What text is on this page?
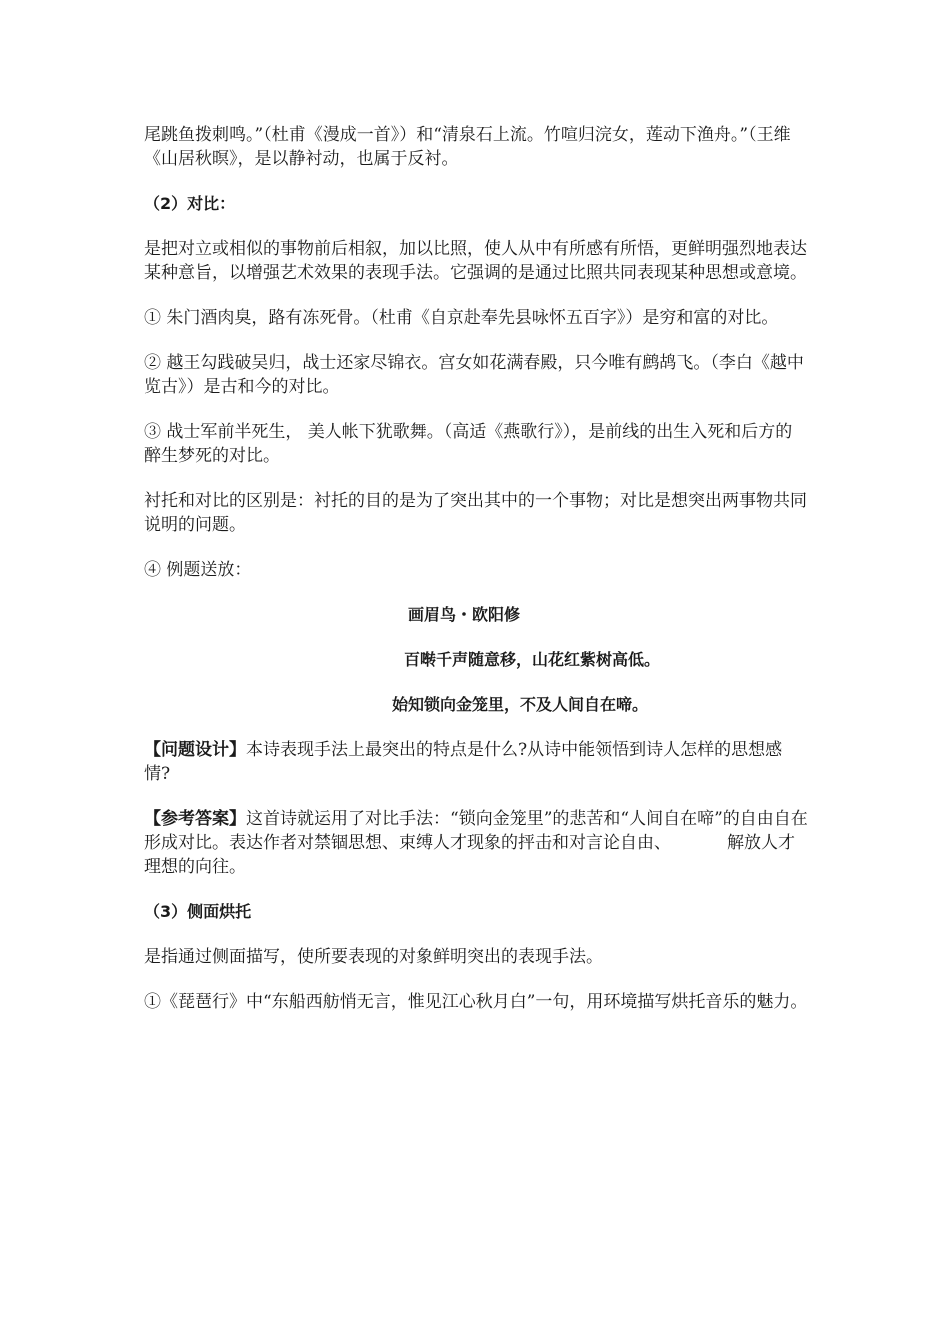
尾跳鱼拨刺鸣。”（杜甫《漫成一首》）和“清泉石上流。竹喧归浣女，莲动下渔舟。”（王维《山居秋暝》，是以静衬动，也属于反衬。

（2）对比：

是把对立或相似的事物前后相叙，加以比照，使人从中有所感有所悟，更鲜明强烈地表达某种意旨，以增强艺术效果的表现手法。它强调的是通过比照共同表现某种思想或意境。

① 朱门酒肉臭，路有冻死骨。（杜甫《自京赴奉先县咏怀五百字》）是穷和富的对比。

② 越王勾践破吴归，战士还家尽锦衣。宫女如花满春殿，只今唯有鹧鸪飞。（李白《越中览古》）是古和今的对比。

③ 战士军前半死生， 美人帐下犹歌舞。（高适《燕歌行》），是前线的出生入死和后方的醉生梦死的对比。

衬托和对比的区别是：衬托的目的是为了突出其中的一个事物；对比是想突出两事物共同说明的问题。

④ 例题送放：

画眉鸟・欧阳修

百啭千声随意移，山花红紫树高低。

始知锁向金笼里，不及人间自在啼。

【问题设计】本诗表现手法上最突出的特点是什么?从诗中能领悟到诗人怎样的思想感情?

【参考答案】这首诗就运用了对比手法：“锁向金笼里”的悲苦和“人间自在啼”的自由自在形成对比。表达作者对禁锢思想、束缚人才现象的抨击和对言论自由、	解放人才理想的向往。

（3）侧面烘托

是指通过侧面描写，使所要表现的对象鲜明突出的表现手法。

①《琵琶行》中“东船西舫悄无言，惟见江心秋月白”一句，用环境描写烘托音乐的魅力。
